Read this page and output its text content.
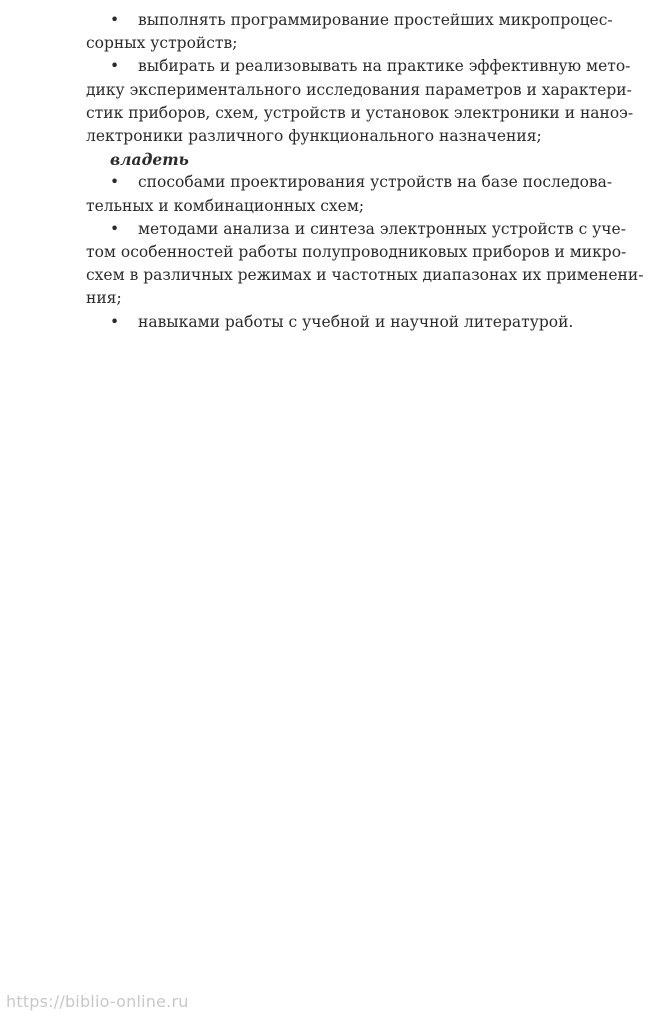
• выполнять программирование простейших микропроцес-
сорных устройств;
• выбирать и реализовывать на практике эффективную мето-
дику экспериментального исследования параметров и характери-
стик приборов, схем, устройств и установок электроники и наноэ-
лектроники различного функционального назначения;
владеть
• способами проектирования устройств на базе последова-
тельных и комбинационных схем;
• методами анализа и синтеза электронных устройств с уче-
том особенностей работы полупроводниковых приборов и микро-
схем в различных режимах и частотных диапазонах их применени-
ния;
• навыками работы с учебной и научной литературой.
https://biblio-online.ru
